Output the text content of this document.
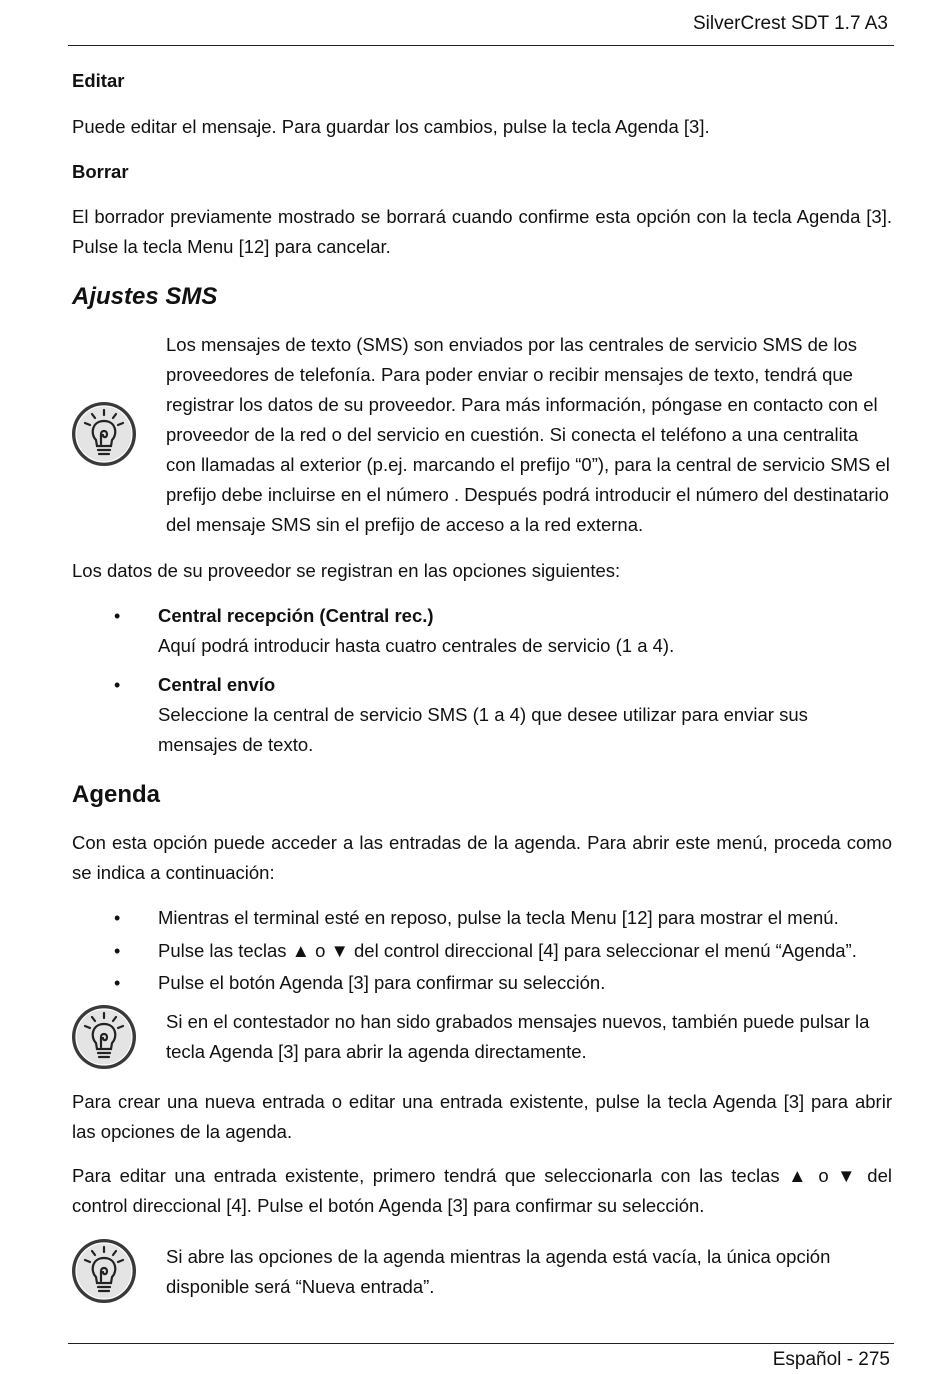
SilverCrest SDT 1.7 A3
Editar
Puede editar el mensaje. Para guardar los cambios, pulse la tecla Agenda [3].
Borrar
El borrador previamente mostrado se borrará cuando confirme esta opción con la tecla Agenda [3]. Pulse la tecla Menu [12] para cancelar.
Ajustes SMS
Los mensajes de texto (SMS) son enviados por las centrales de servicio SMS de los proveedores de telefonía. Para poder enviar o recibir mensajes de texto, tendrá que registrar los datos de su proveedor. Para más información, póngase en contacto con el proveedor de la red o del servicio en cuestión. Si conecta el teléfono a una centralita con llamadas al exterior (p.ej. marcando el prefijo “0”), para la central de servicio SMS el prefijo debe incluirse en el número . Después podrá introducir el número del destinatario del mensaje SMS sin el prefijo de acceso a la red externa.
Los datos de su proveedor se registran en las opciones siguientes:
•	Central recepción (Central rec.)
Aquí podrá introducir hasta cuatro centrales de servicio (1 a 4).
•	Central envío
Seleccione la central de servicio SMS (1 a 4) que desee utilizar para enviar sus mensajes de texto.
Agenda
Con esta opción puede acceder a las entradas de la agenda. Para abrir este menú, proceda como se indica a continuación:
•	Mientras el terminal esté en reposo, pulse la tecla Menu [12] para mostrar el menú.
•	Pulse las teclas ▲ o ▼ del control direccional [4] para seleccionar el menú “Agenda”.
•	Pulse el botón Agenda [3] para confirmar su selección.
Si en el contestador no han sido grabados mensajes nuevos, también puede pulsar la tecla Agenda [3] para abrir la agenda directamente.
Para crear una nueva entrada o editar una entrada existente, pulse la tecla Agenda [3] para abrir las opciones de la agenda.
Para editar una entrada existente, primero tendrá que seleccionarla con las teclas ▲ o ▼ del control direccional [4]. Pulse el botón Agenda [3] para confirmar su selección.
Si abre las opciones de la agenda mientras la agenda está vacía, la única opción disponible será “Nueva entrada”.
Español - 275
